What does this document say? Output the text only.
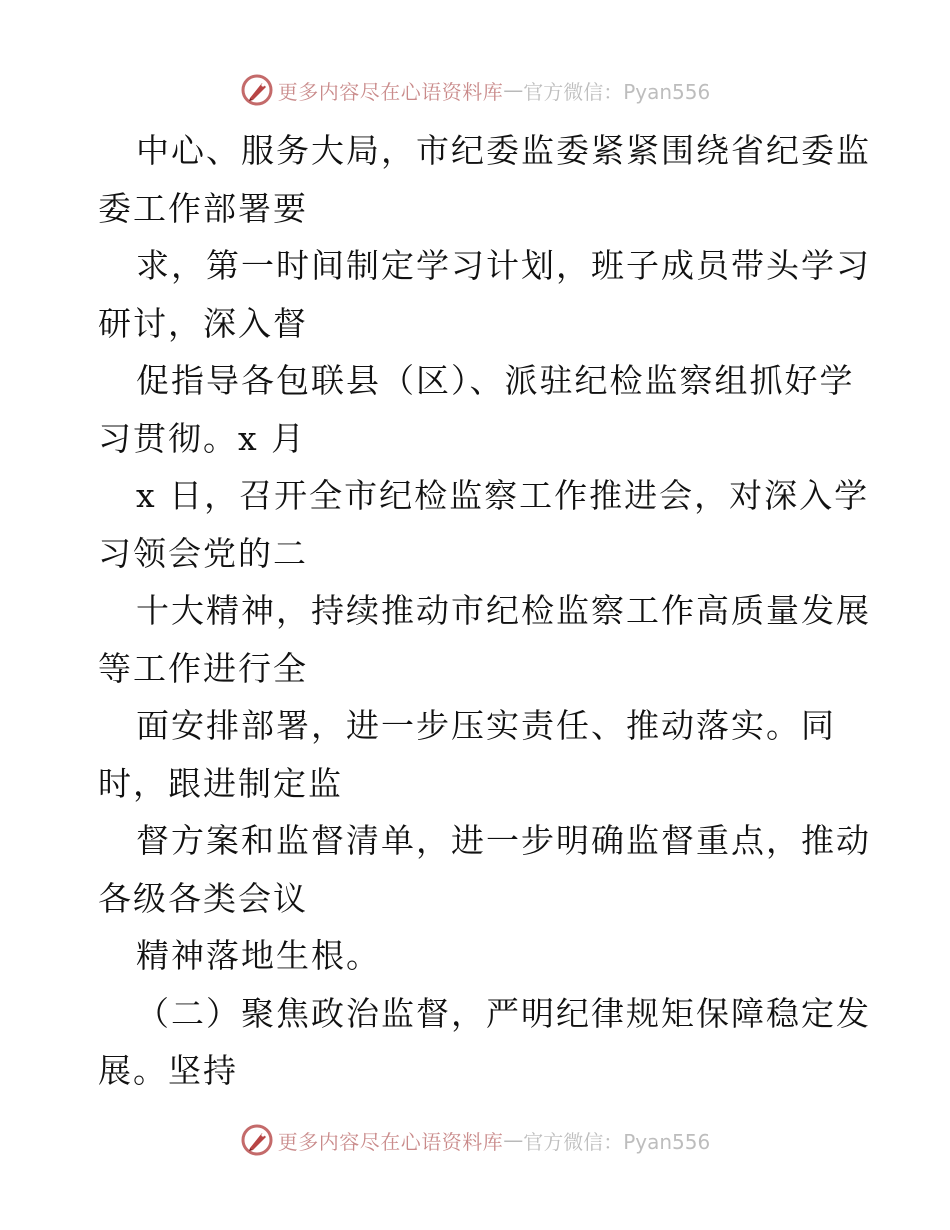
更多内容尽在心语资料库 — 官方微信：Pyan556
中心、服务大局，市纪委监委紧紧围绕省纪委监
委工作部署要
求，第一时间制定学习计划，班子成员带头学习
研讨，深入督
促指导各包联县（区）、派驻纪检监察组抓好学
习贯彻。x 月
x 日，召开全市纪检监察工作推进会，对深入学
习领会党的二
十大精神，持续推动市纪检监察工作高质量发展
等工作进行全
面安排部署，进一步压实责任、推动落实。同
时，跟进制定监
督方案和监督清单，进一步明确监督重点，推动
各级各类会议
精神落地生根。
（二）聚焦政治监督，严明纪律规矩保障稳定发
展。坚持
更多内容尽在心语资料库 — 官方微信：Pyan556
